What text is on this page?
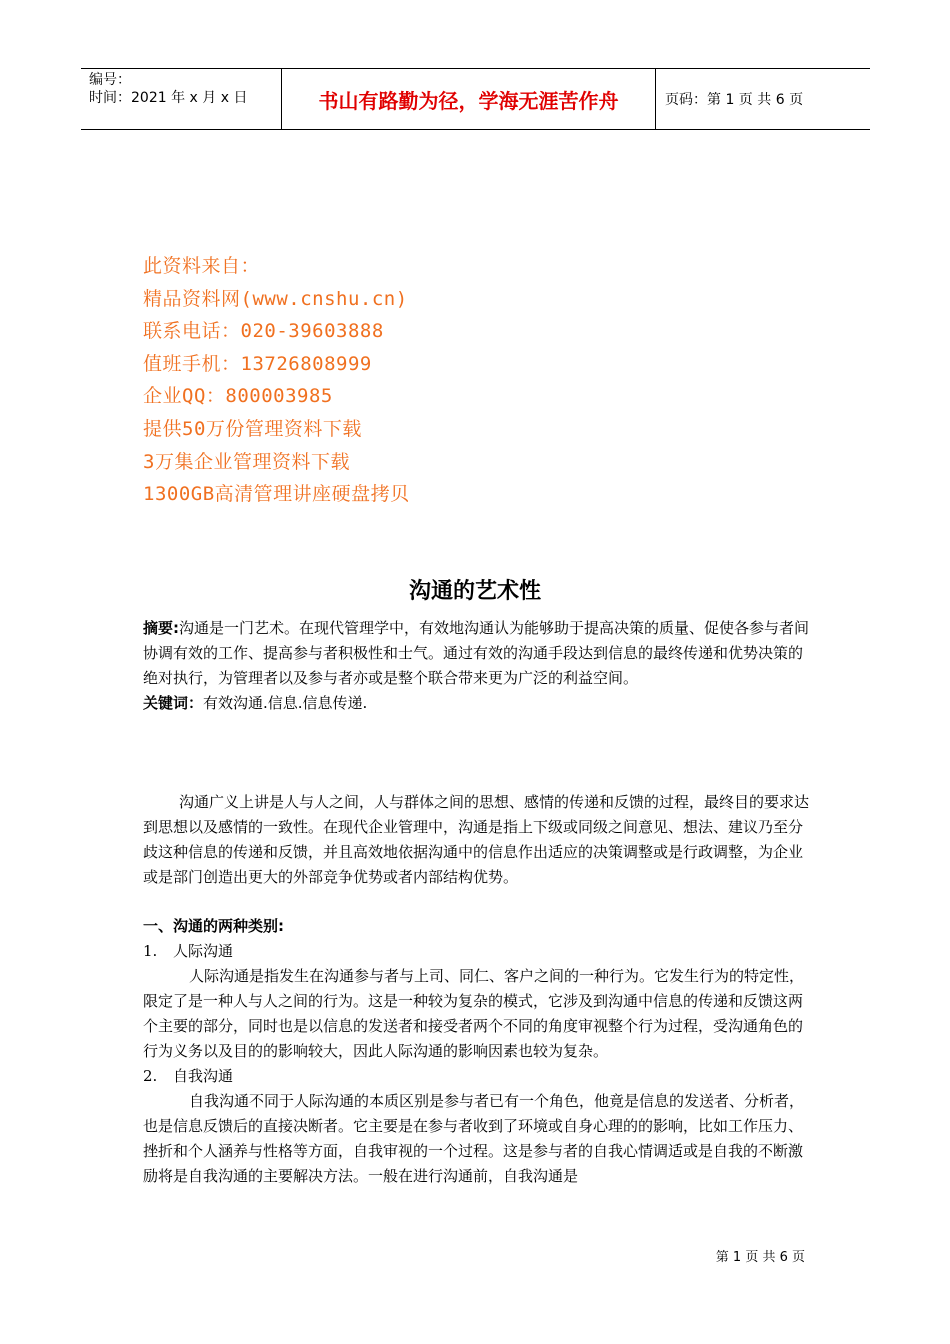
编号：
时间：2021 年 x 月 x 日	书山有路勤为径，学海无涯苦作舟	页码：第 1 页 共 6 页
此资料来自：
精品资料网(www.cnshu.cn)
联系电话：020-39603888
值班手机：13726808999
企业QQ：800003985
提供50万份管理资料下载
3万集企业管理资料下载
1300GB高清管理讲座硬盘拷贝
沟通的艺术性

摘要:沟通是一门艺术。在现代管理学中，有效地沟通认为能够助于提高决策的质量、促使各参与者间协调有效的工作、提高参与者积极性和士气。通过有效的沟通手段达到信息的最终传递和优势决策的绝对执行，为管理者以及参与者亦或是整个联合带来更为广泛的利益空间。

关键词：有效沟通.信息.信息传递.

沟通广义上讲是人与人之间，人与群体之间的思想、感情的传递和反馈的过程，最终目的要求达到思想以及感情的一致性。在现代企业管理中，沟通是指上下级或同级之间意见、想法、建议乃至分歧这种信息的传递和反馈，并且高效地依据沟通中的信息作出适应的决策调整或是行政调整，为企业或是部门创造出更大的外部竞争优势或者内部结构优势。

一、沟通的两种类别:

1. 人际沟通

人际沟通是指发生在沟通参与者与上司、同仁、客户之间的一种行为。它发生行为的特定性，限定了是一种人与人之间的行为。这是一种较为复杂的模式，它涉及到沟通中信息的传递和反馈这两个主要的部分，同时也是以信息的发送者和接受者两个不同的角度审视整个行为过程，受沟通角色的行为义务以及目的的影响较大，因此人际沟通的影响因素也较为复杂。

2. 自我沟通

自我沟通不同于人际沟通的本质区别是参与者已有一个角色，他竟是信息的发送者、分析者，也是信息反馈后的直接决断者。它主要是在参与者收到了环境或自身心理的的影响，比如工作压力、挫折和个人涵养与性格等方面，自我审视的一个过程。这是参与者的自我心情调适或是自我的不断激励将是自我沟通的主要解决方法。一般在进行沟通前，自我沟通是

第 1 页 共 6 页
